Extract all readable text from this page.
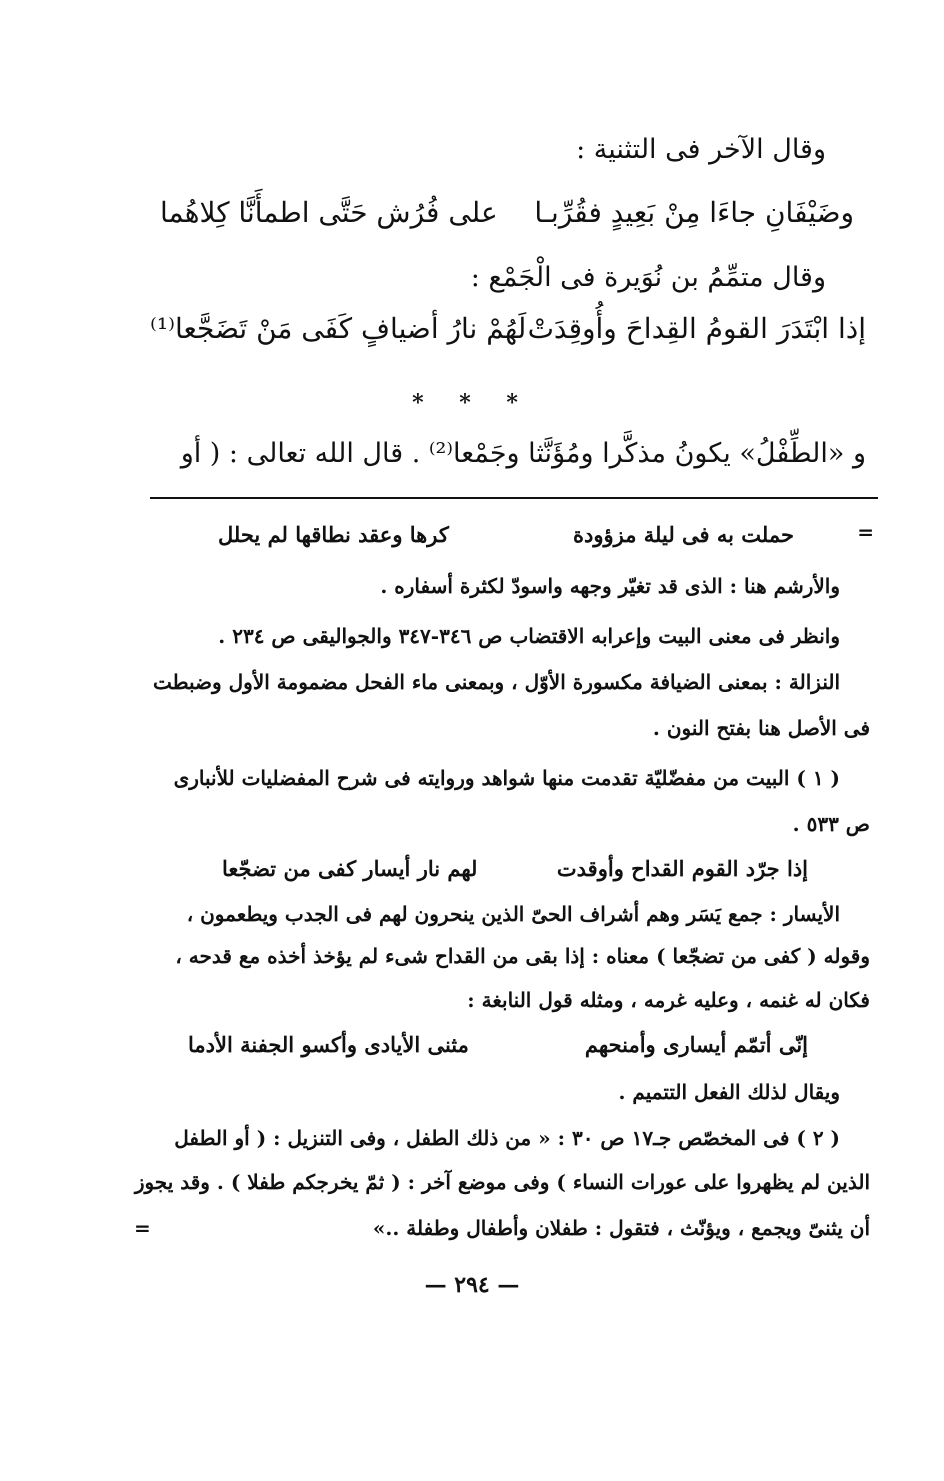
وقال الآخر فى التثنية :
وضَيْفَانِ جاءَا مِنْ بَعِيدٍ فقُرِّبـا
على فُرُش حَتَّى اطمأَنَّا كِلاهُما
وقال متمِّمُ بن نُوَيرة فى الْجَمْع :
إذا ابْتَدَرَ القومُ القِداحَ وأُوقِدَتْ
لَهُمْ نارُ أضيافٍ كَفَى مَنْ تَضَجَّعا⁽¹⁾
* * *
و «الطِّفْلُ» يكونُ مذكَّرا ومُؤَنَّثا وجَمْعا⁽²⁾ . قال الله تعالى : ( أو
=
حملت به فى ليلة مزؤودة
كرها وعقد نطاقها لم يحلل
والأرشم هنا : الذى قد تغيّر وجهه واسودّ لكثرة أسفاره .
وانظر فى معنى البيت وإعرابه الاقتضاب ص ٣٤٦-٣٤٧ والجواليقى ص ٢٣٤ .
النزالة : بمعنى الضيافة مكسورة الأوّل ، وبمعنى ماء الفحل مضمومة الأول وضبطت
فى الأصل هنا بفتح النون .
( ١ ) البيت من مفضّليّة تقدمت منها شواهد وروايته فى شرح المفضليات للأنبارى
ص ٥٣٣ .
إذا جرّد القوم القداح وأوقدت
لهم نار أيسار كفى من تضجّعا
الأيسار : جمع يَسَر وهم أشراف الحىّ الذين ينحرون لهم فى الجدب ويطعمون ،
وقوله ( كفى من تضجّعا ) معناه : إذا بقى من القداح شىء لم يؤخذ أخذه مع قدحه ،
فكان له غنمه ، وعليه غرمه ، ومثله قول النابغة :
إنّى أتمّم أيسارى وأمنحهم
مثنى الأيادى وأكسو الجفنة الأدما
ويقال لذلك الفعل التتميم .
( ٢ ) فى المخصّص جـ١٧ ص ٣٠ : « من ذلك الطفل ، وفى التنزيل : ( أو الطفل
الذين لم يظهروا على عورات النساء ) وفى موضع آخر : ( ثمّ يخرجكم طفلا ) . وقد يجوز
أن يثنىّ ويجمع ، ويؤنّث ، فتقول : طفلان وأطفال وطفلة ..»
=
— ٢٩٤ —
